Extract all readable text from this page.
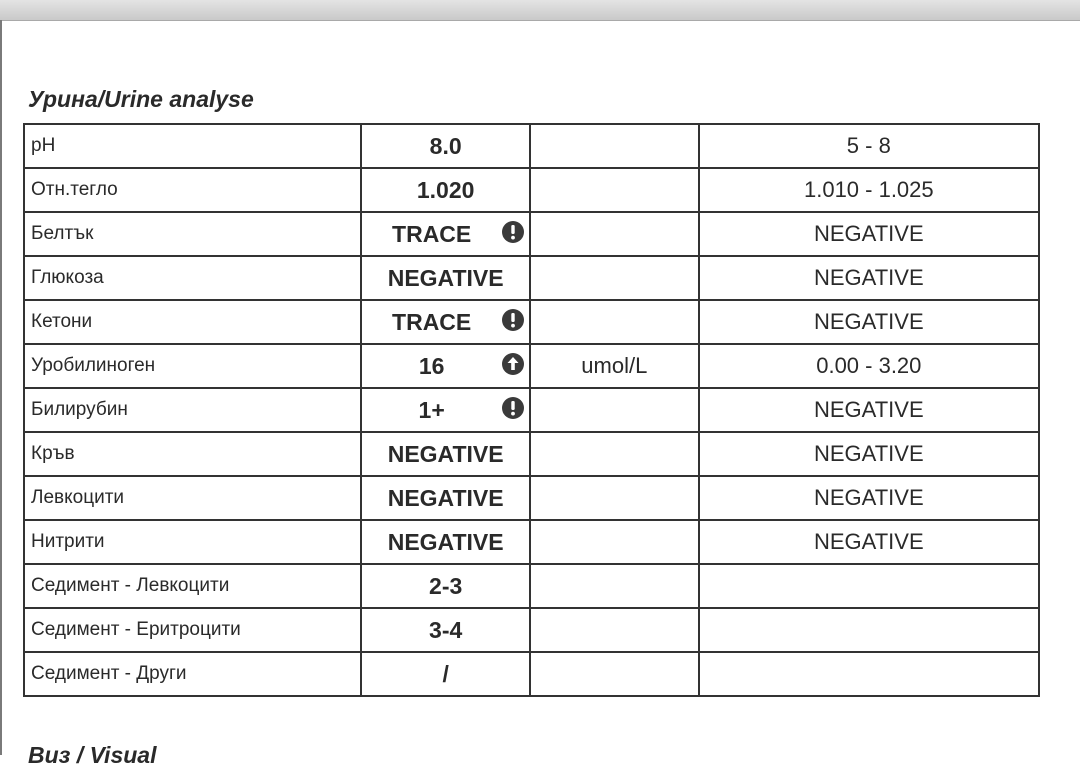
Урина/Urine analyse
pH	8.0		5 - 8
Отн.тегло	1.020		1.010 - 1.025
Белтък	TRACE		NEGATIVE
Глюкоза	NEGATIVE		NEGATIVE
Кетони	TRACE		NEGATIVE
Уробилиноген	16	umol/L	0.00 - 3.20
Билирубин	1+		NEGATIVE
Кръв	NEGATIVE		NEGATIVE
Левкоцити	NEGATIVE		NEGATIVE
Нитрити	NEGATIVE		NEGATIVE
Седимент - Левкоцити	2-3		
Седимент - Еритроцити	3-4		
Седимент - Други	/		
Виз / Visual
